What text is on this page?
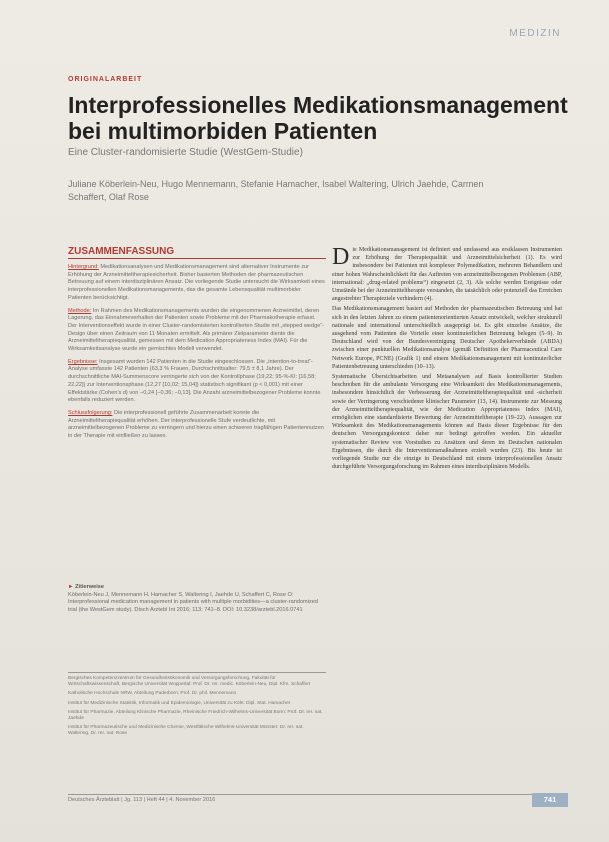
MEDIZIN
ORIGINALARBEIT
Interprofessionelles Medikationsmanagement bei multimorbiden Patienten
Eine Cluster-randomisierte Studie (WestGem-Studie)
Juliane Köberlein-Neu, Hugo Mennemann, Stefanie Hamacher, Isabel Waltering, Ulrich Jaehde, Carmen Schaffert, Olaf Rose
ZUSAMMENFASSUNG

Hintergrund: Medikationsanalysen und Medikationsmanagement sind alternativer Instrumente zur Erhöhung der Arzneimitteltherapiesicherheit. Bisher basierten Methoden der pharmazeutischen Betreuung auf einem interdisziplinären Ansatz. Die vorliegende Studie untersucht die Wirksamkeit eines interprofessionellen Medikationsmanagements, das die gesamte Lebensqualität multimorbider Patienten berücksichtigt.

Methode: Im Rahmen des Medikationsmanagements wurden die eingenommenen Arzneimittel, deren Lagerung, das Einnahmeverhalten der Patienten sowie Probleme mit der Pharmakotherapie erfasst. Der Interventionseffekt wurde in einer Cluster-randomisierten kontrollierten Studie mit „stepped wedge“-Design über einen Zeitraum von 11 Monaten ermittelt. Als primärer Zielparameter diente die Arzneimitteltherapiequalität, gemessen mit dem Medication Appropriateness Index (MAI). Für die Wirksamkeitsanalyse wurde ein gemischtes Modell verwendet.

Ergebnisse: Insgesamt wurden 142 Patienten in die Studie eingeschlossen. Die „intention-to-treat“-Analyse umfasste 142 Patienten (63,3 % Frauen, Durchschnittsalter: 79,5 ± 8,1 Jahre). Der durchschnittliche MAI-Summenscore verringerte sich von der Kontrollphase (19,22; 95-%-KI: [16,58; 22,22]) zur Interventionsphase (12,27 [10,02; 15,04]) statistisch signifikant (p < 0,001) mit einer Effektstärke (Cohen’s d) von −0,24 [−0,36; −0,13]. Die Anzahl arzneimittelbezogener Probleme konnte ebenfalls reduziert werden.

Schlussfolgerung: Die interprofessionell geführte Zusammenarbeit konnte die Arzneimitteltherapiequalität erhöhen. Der interprofessionelle Stufe verdeutlichte, mit arzneimittelbezogenen Probleme zu verringern und hierzu einen schweren tragfähigen Patientennutzen in der Therapie mit einfließen zu lassen.

► Zitierweise
Köberlein-Neu J, Mennemann H, Hamacher S, Waltering I, Jaehde U, Schaffert C, Rose O: Interprofessional medication management in patients with multiple morbidities—a cluster-randomized trial (the WestGem study). Dtsch Arztebl Int 2016; 113: 741–8. DOI: 10.3238/arztebl.2016.0741

Bergisches Kompetenzzentrum für Gesundheitsökonomik und Versorgungsforschung, Fakultät für Wirtschaftswissenschaft, Bergische Universität Wuppertal: Prof. Dr. rer. medic. Köberlein-Neu, Dipl. Kfm. Schaffert

Katholische Hochschule NRW, Abteilung Paderborn: Prof. Dr. phil. Mennemann

Institut für Medizinische Statistik, Informatik und Epidemiologie, Universität zu Köln: Dipl. Stat. Hamacher

Institut für Pharmazie, Abteilung Klinische Pharmazie, Rheinische Friedrich-Wilhelms-Universität Bonn: Prof. Dr. rer. nat. Jaehde

Institut für Pharmazeutische und Medizinische Chemie, Westfälische Wilhelms-Universität Münster: Dr. rer. nat. Waltering, Dr. rer. nat. Rose

Die Medikationsmanagement ist definiert und umfassend aus erstklassen Instrumenten zur Erhöhung der Therapiequalität und Arzneimittelsicherheit (1). Es wird insbesondere bei Patienten mit komplexer Polymedikation, mehreren Behandlern und einer hohen Wahrscheinlichkeit für das Auftreten von arzneimittelbezogenen Problemen (ABP, international: „drug-related problems“) eingesetzt (2, 3). Als solche werden Ereignisse oder Umstände bei der Arzneimitteltherapie verstanden, die tatsächlich oder potenziell das Erreichen angestrebter Therapieziele verhindern (4).

Das Medikationsmanagement basiert auf Methoden der pharmazeutischen Betreuung und hat sich in den letzten Jahren zu einem patientenorientierten Ansatz entwickelt, welcher strukturell nationale und international unterschiedlich ausgeprägt ist. Es gibt einzelne Ansätze, die ausgehend vom Patienten die Vorteile einer kontinuierlichen Betreuung belegen (5–9). In Deutschland wird von der Bundesvereinigung Deutscher Apothekerverbände (ABDA) zwischen einer punktuellen Medikationsanalyse (gemäß Definition der Pharmaceutical Care Network Europe, PCNE) (Grafik 1) und einem Medikationsmanagement mit kontinuierlicher Patientenbetreuung unterschieden (10–13).

Systematische Übersichtsarbeiten und Metaanalysen auf Basis kontrollierter Studien beschreiben für die ambulante Versorgung eine Wirksamkeit des Medikationsmanagements, insbesondere hinsichtlich der Verbesserung der Arzneimitteltherapiequalität und -sicherheit sowie der Verringerung verschiedener klinischer Parameter (13, 14). Instrumente zur Messung der Arzneimitteltherapiequalität, wie der Medication Appropriateness Index (MAI), ermöglichen eine standardisierte Bewertung der Arzneimitteltherapie (19–22). Aussagen zur Wirksamkeit des Medikationsmanagements können auf Basis dieser Ergebnisse für den deutschen Versorgungskontext daher nur bedingt getroffen werden. Ein aktueller systematischer Review von Vorstudien zu Ansätzen und deren im Deutschen nationalen Ergebnissen, die durch die Interventionsmaßnahmen erzielt wurden (23). Bis heute ist vorliegende Studie nur die einzige in Deutschland mit einem interprofessionellen Ansatz durchgeführte Versorgungsforschung im Rahmen eines interdisziplinären Modells.

Deutsches Ärzteblatt | Jg. 113 | Heft 44 | 4. November 2016	741
